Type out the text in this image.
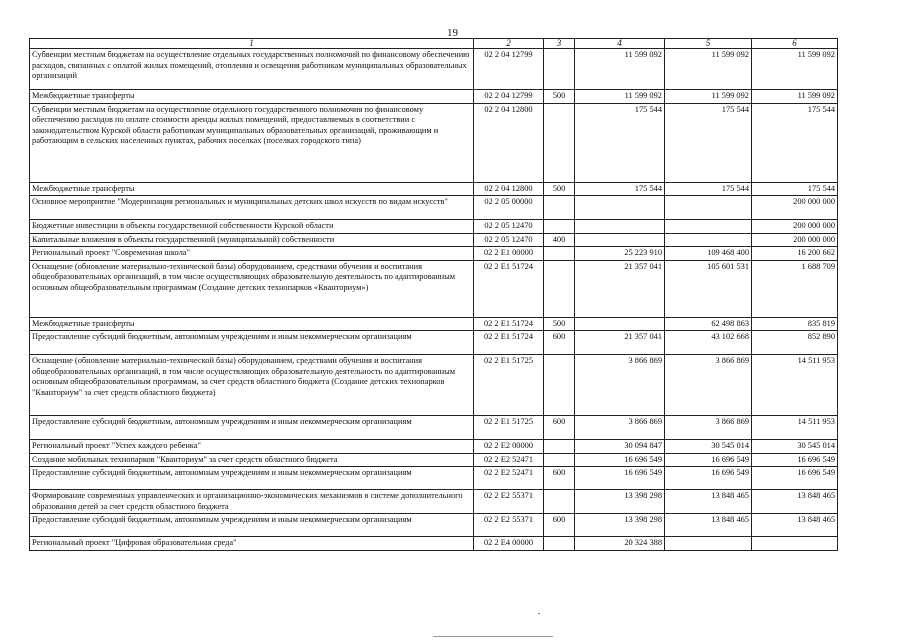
19
1	2	3	4	5	6
Субвенции местным бюджетам на осуществление отдельных государственных полномочий по финансовому обеспечению расходов, связанных с оплатой жилых помещений, отопления и освещения работникам муниципальных образовательных организаций	02 2 04 12799		11 599 092	11 599 092	11 599 092
Межбюджетные трансферты	02 2 04 12799	500	11 599 092	11 599 092	11 599 092
Субвенции местным бюджетам на осуществление отдельного государственного полномочия по финансовому обеспечению расходов по оплате стоимости аренды жилых помещений, предоставляемых в соответствии с законодательством Курской области работникам муниципальных образовательных организаций, проживающим и работающим в сельских населенных пунктах, рабочих поселках (поселках городского типа)	02 2 04 12800		175 544	175 544	175 544
Межбюджетные трансферты	02 2 04 12800	500	175 544	175 544	175 544
Основное мероприятие "Модернизация региональных и муниципальных детских школ искусств по видам искусств"	02 2 05 00000				200 000 000
Бюджетные инвестиции в объекты государственной собственности Курской области	02 2 05 12470				200 000 000
Капитальные вложения в объекты государственной (муниципальной) собственности	02 2 05 12470	400			200 000 000
Региональный проект "Современная школа"	02 2 E1 00000		25 223 910	109 468 400	16 200 662
Оснащение (обновление материально-технической базы) оборудованием, средствами обучения и воспитания общеобразовательных организаций, в том числе осуществляющих образовательную деятельность по адаптированным основным общеобразовательным программам (Создание детских технопарков «Кванториум»)	02 2 E1 51724		21 357 041	105 601 531	1 688 709
Межбюджетные трансферты	02 2 E1 51724	500		62 498 863	835 819
Предоставление субсидий бюджетным, автономным учреждениям и иным некоммерческим организациям	02 2 E1 51724	600	21 357 041	43 102 668	852 890
Оснащение (обновление материально-технической базы) оборудованием, средствами обучения и воспитания общеобразовательных организаций, в том числе осуществляющих образовательную деятельность по адаптированным основным общеобразовательным программам, за счет средств областного бюджета (Создание детских технопарков "Кванториум" за счет средств областного бюджета)	02 2 E1 51725		3 866 869	3 866 869	14 511 953
Предоставление субсидий бюджетным, автономным учреждениям и иным некоммерческим организациям	02 2 E1 51725	600	3 866 869	3 866 869	14 511 953
Региональный проект "Успех каждого ребенка"	02 2 E2 00000		30 094 847	30 545 014	30 545 014
Создание мобильных технопарков "Кванториум" за счет средств областного бюджета	02 2 E2 52471		16 696 549	16 696 549	16 696 549
Предоставление субсидий бюджетным, автономным учреждениям и иным некоммерческим организациям	02 2 E2 52471	600	16 696 549	16 696 549	16 696 549
Формирование современных управленческих и организационно-экономических механизмов в системе дополнительного образования детей за счет средств областного бюджета	02 2 E2 55371		13 398 298	13 848 465	13 848 465
Предоставление субсидий бюджетным, автономным учреждениям и иным некоммерческим организациям	02 2 E2 55371	600	13 398 298	13 848 465	13 848 465
Региональный проект "Цифровая образовательная среда"	02 2 E4 00000		20 324 388		
